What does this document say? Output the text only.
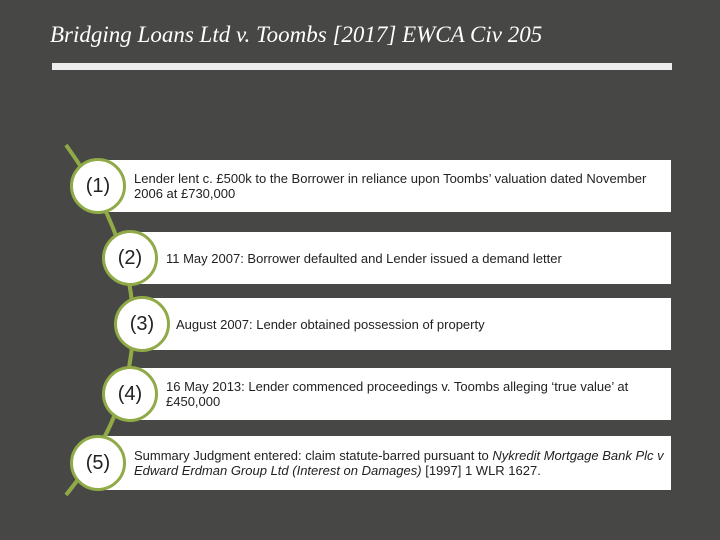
Bridging Loans Ltd v. Toombs [2017] EWCA Civ 205
Lender lent c. £500k to the Borrower in reliance upon Toombs’ valuation dated November 2006 at £730,000
(1)
11 May 2007: Borrower defaulted and Lender issued a demand letter
(2)
August 2007: Lender obtained possession of property
(3)
16 May 2013: Lender commenced proceedings v. Toombs alleging ‘true value’ at £450,000
(4)
Summary Judgment entered: claim statute-barred pursuant to Nykredit Mortgage Bank Plc v Edward Erdman Group Ltd (Interest on Damages) [1997] 1 WLR 1627.
(5)
